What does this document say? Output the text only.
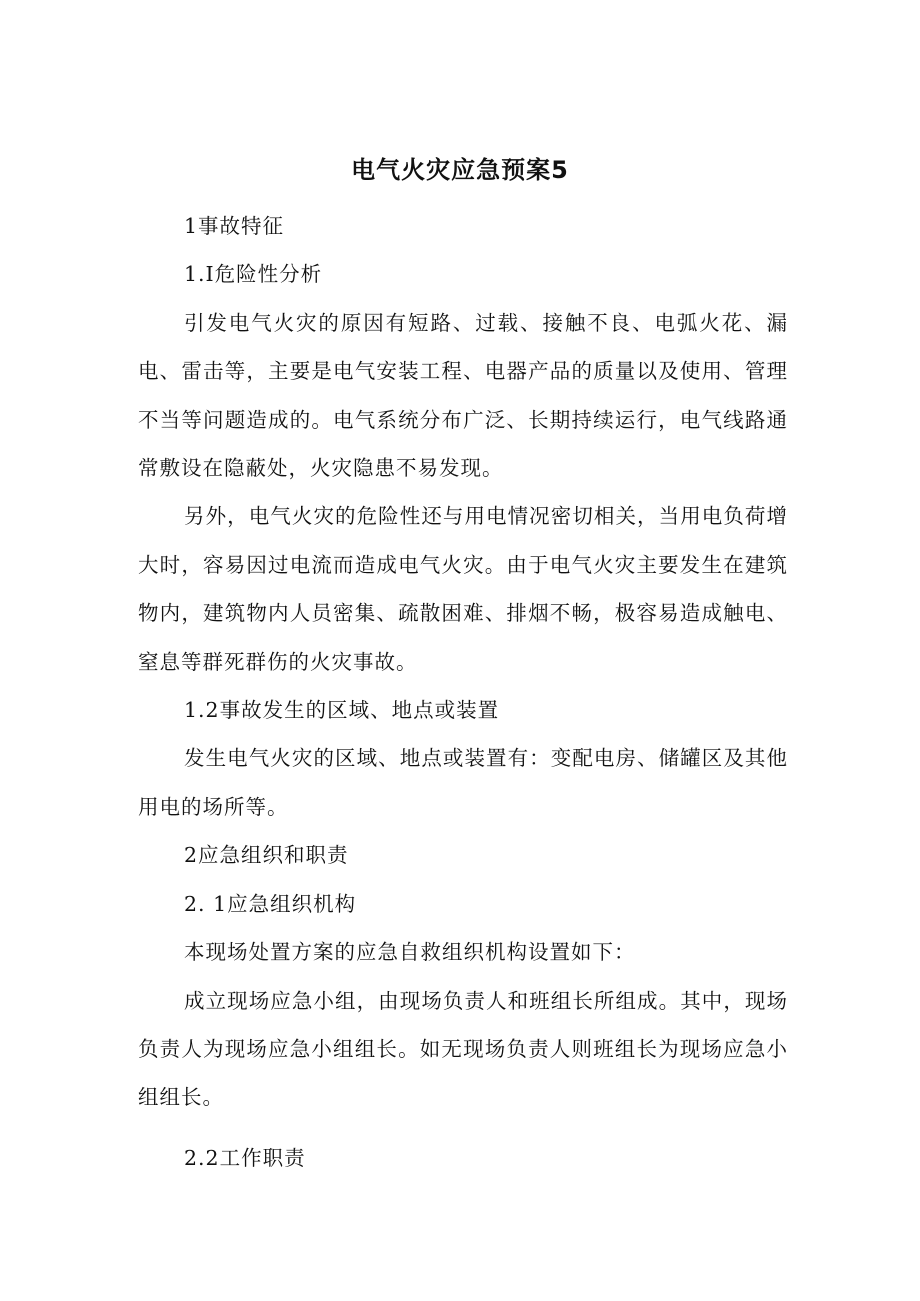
电气火灾应急预案5

1事故特征

1.I危险性分析

引发电气火灾的原因有短路、过载、接触不良、电弧火花、漏电、雷击等，主要是电气安装工程、电器产品的质量以及使用、管理不当等问题造成的。电气系统分布广泛、长期持续运行，电气线路通常敷设在隐蔽处，火灾隐患不易发现。

另外，电气火灾的危险性还与用电情况密切相关，当用电负荷增大时，容易因过电流而造成电气火灾。由于电气火灾主要发生在建筑物内，建筑物内人员密集、疏散困难、排烟不畅，极容易造成触电、窒息等群死群伤的火灾事故。

1.2事故发生的区域、地点或装置

发生电气火灾的区域、地点或装置有：变配电房、储罐区及其他用电的场所等。

2应急组织和职责

2. 1应急组织机构

本现场处置方案的应急自救组织机构设置如下：

成立现场应急小组，由现场负责人和班组长所组成。其中，现场负责人为现场应急小组组长。如无现场负责人则班组长为现场应急小组组长。

2.2工作职责
